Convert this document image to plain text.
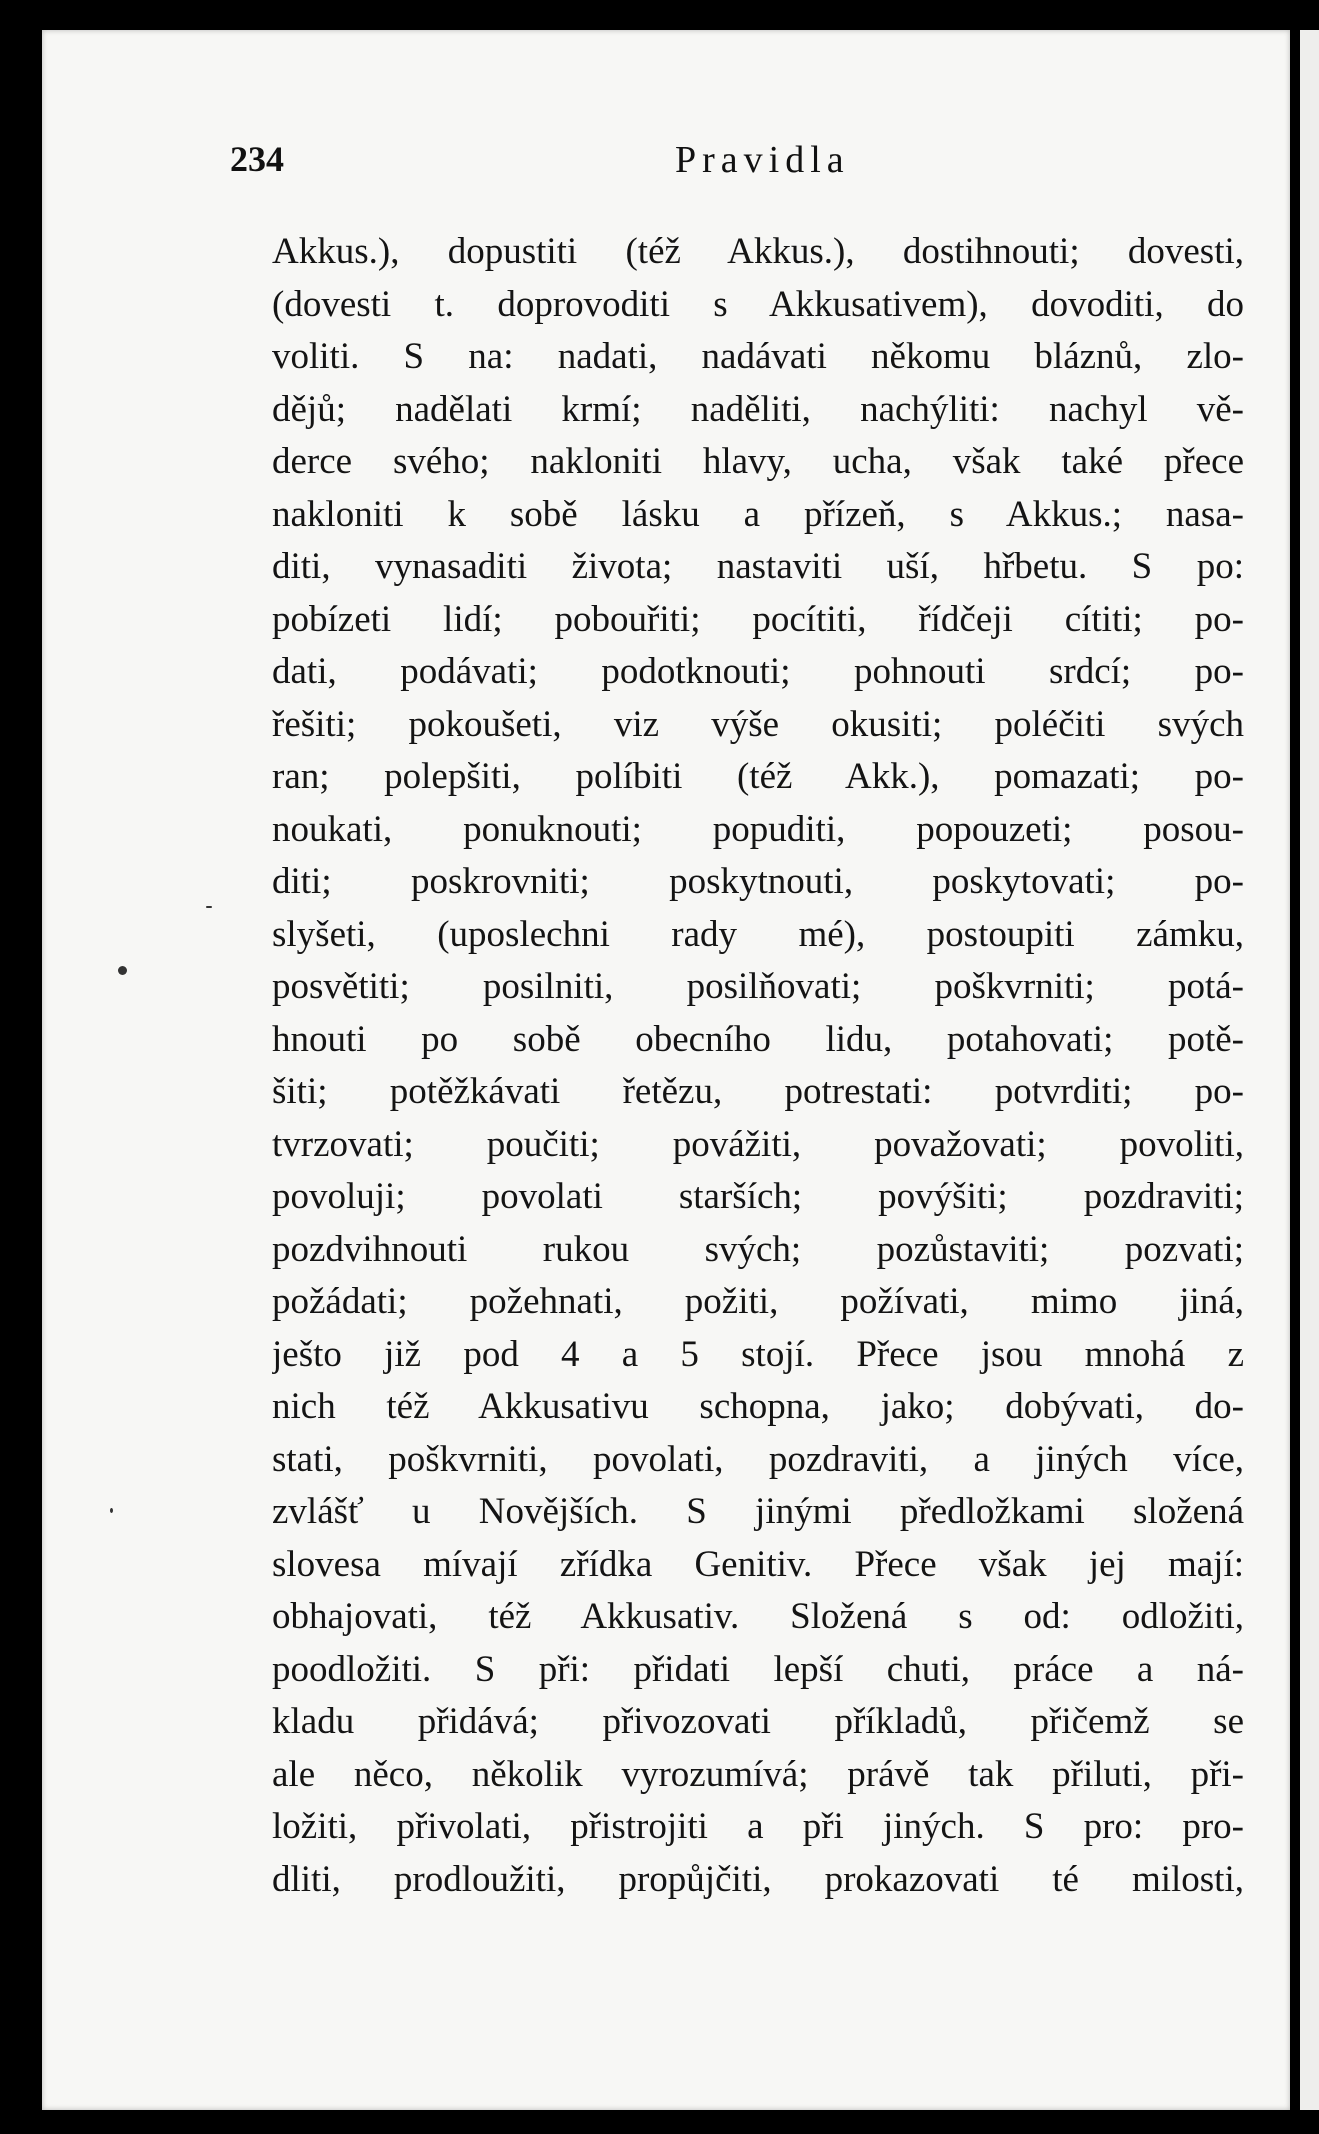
234	Pravidla
Akkus.), dopustiti (též Akkus.), dostihnouti; dovesti,
(dovesti t. doprovoditi s Akkusativem), dovoditi, do
voliti. S na: nadati, nadávati někomu bláznů, zlo-
dějů; nadělati krmí; naděliti, nachýliti: nachyl vě-
derce svého; nakloniti hlavy, ucha, však také přece
nakloniti k sobě lásku a přízeň, s Akkus.; nasa-
diti, vynasaditi života; nastaviti uší, hřbetu. S po:
pobízeti lidí; pobouřiti; pocítiti, řídčeji cítiti; po-
dati, podávati; podotknouti; pohnouti srdcí; po-
řešiti; pokoušeti, viz výše okusiti; poléčiti svých
ran; polepšiti, políbiti (též Akk.), pomazati; po-
noukati, ponuknouti; popuditi, popouzeti; posou-
diti; poskrovniti; poskytnouti, poskytovati; po-
slyšeti, (uposlechni rady mé), postoupiti zámku,
posvětiti; posilniti, posilňovati; poškvrniti; potá-
hnouti po sobě obecního lidu, potahovati; potě-
šiti; potěžkávati řetězu, potrestati: potvrditi; po-
tvrzovati; poučiti; povážiti, považovati; povoliti,
povoluji; povolati starších; povýšiti; pozdraviti;
pozdvihnouti rukou svých; pozůstaviti; pozvati;
požádati; požehnati, požiti, požívati, mimo jiná,
ješto již pod 4 a 5 stojí. Přece jsou mnohá z
nich též Akkusativu schopna, jako; dobývati, do-
stati, poškvrniti, povolati, pozdraviti, a jiných více,
zvlášť u Novějších. S jinými předložkami složená
slovesa mívají zřídka Genitiv. Přece však jej mají:
obhajovati, též Akkusativ. Složená s od: odložiti,
poodložiti. S při: přidati lepší chuti, práce a ná-
kladu přidává; přivozovati příkladů, přičemž se
ale něco, několik vyrozumívá; právě tak přiluti, při-
ložiti, přivolati, přistrojiti a při jiných. S pro: pro-
dliti, prodloužiti, propůjčiti, prokazovati té milosti,
